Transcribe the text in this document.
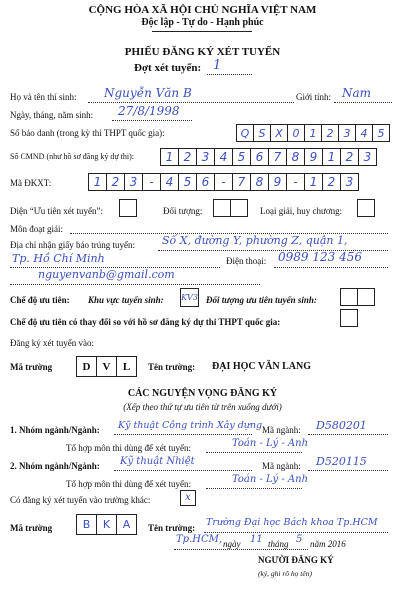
CỘNG HÒA XÃ HỘI CHỦ NGHĨA VIỆT NAM
Độc lập - Tự do - Hạnh phúc
PHIẾU ĐĂNG KÝ XÉT TUYỂN
Đợt xét tuyển: 1
Họ và tên thí sinh: Nguyễn Văn B	Giới tính: Nam
Ngày, tháng, năm sinh: 27/8/1998
Số báo danh (trong kỳ thi THPT quốc gia):	Q S X 0 1 2 3 4 5
Số CMND (như hồ sơ đăng ký dự thi):	1 2 3 4 5 6 7 8 9 1 2 3
Mã ĐKXT:	1 2 3	-	4 5 6	-	7 8 9	-	1 2 3
Diện “Ưu tiên xét tuyển”:	Đối tượng:	Loại giải, huy chương:
Môn đoạt giải:
Địa chỉ nhận giấy báo trúng tuyển: Số X, đường Y, phường Z, quận 1,
Tp. Hồ Chí Minh	Điện thoại: 0989 123 456
nguyenvanb@gmail.com
Chế độ ưu tiên: Khu vực tuyển sinh: KV3 Đối tượng ưu tiên tuyển sinh:
Chế độ ưu tiên có thay đổi so với hồ sơ đăng ký dự thi THPT quốc gia:
Đăng ký xét tuyển vào:
Mã trường	D	V	L	Tên trường: ĐẠI HỌC VĂN LANG
CÁC NGUYỆN VỌNG ĐĂNG KÝ
(Xếp theo thứ tự ưu tiên từ trên xuống dưới)
1. Nhóm ngành/Ngành: Kỹ thuật Công trình Xây dựng Mã ngành: D580201
Tổ hợp môn thi dùng để xét tuyển:	Toán - Lý - Anh
2. Nhóm ngành/Ngành: Kỹ thuật Nhiệt	Mã ngành: D520115
Tổ hợp môn thi dùng để xét tuyển:	Toán - Lý - Anh
Có đăng ký xét tuyển vào trường khác:	x
Mã trường	B	K	A	Tên trường: Trường Đại học Bách khoa Tp.HCM
Tp.HCM, ngày 11 tháng 5 năm 2016
NGƯỜI ĐĂNG KÝ
(ký, ghi rõ họ tên)
